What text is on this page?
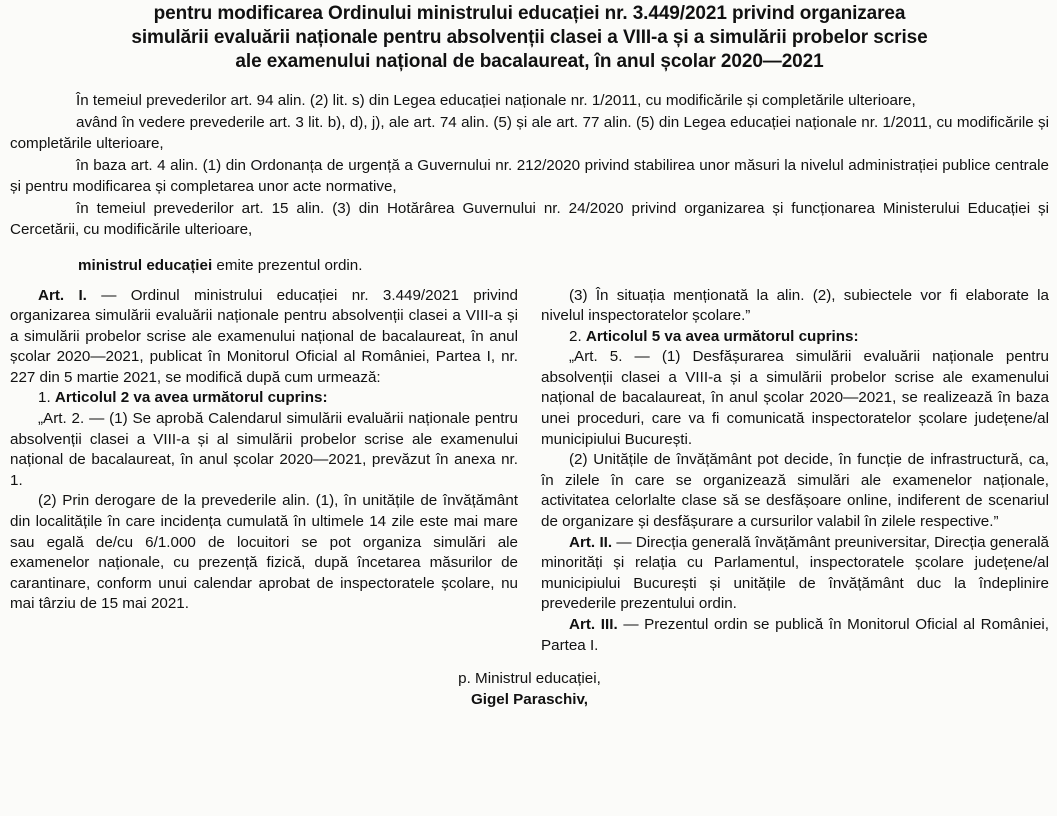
pentru modificarea Ordinului ministrului educației nr. 3.449/2021 privind organizarea
simulării evaluării naționale pentru absolvenții clasei a VIII-a și a simulării probelor scrise
ale examenului național de bacalaureat, în anul școlar 2020—2021

În temeiul prevederilor art. 94 alin. (2) lit. s) din Legea educației naționale nr. 1/2011, cu modificările și completările ulterioare,

având în vedere prevederile art. 3 lit. b), d), j), ale art. 74 alin. (5) și ale art. 77 alin. (5) din Legea educației naționale nr. 1/2011, cu modificările și completările ulterioare,

în baza art. 4 alin. (1) din Ordonanța de urgență a Guvernului nr. 212/2020 privind stabilirea unor măsuri la nivelul administrației publice centrale și pentru modificarea și completarea unor acte normative,

în temeiul prevederilor art. 15 alin. (3) din Hotărârea Guvernului nr. 24/2020 privind organizarea și funcționarea Ministerului Educației și Cercetării, cu modificările ulterioare,

ministrul educației emite prezentul ordin.

Art. I. — Ordinul ministrului educației nr. 3.449/2021 privind organizarea simulării evaluării naționale pentru absolvenții clasei a VIII-a și a simulării probelor scrise ale examenului național de bacalaureat, în anul școlar 2020—2021, publicat în Monitorul Oficial al României, Partea I, nr. 227 din 5 martie 2021, se modifică după cum urmează:

1. Articolul 2 va avea următorul cuprins:

„Art. 2. — (1) Se aprobă Calendarul simulării evaluării naționale pentru absolvenții clasei a VIII-a și al simulării probelor scrise ale examenului național de bacalaureat, în anul școlar 2020—2021, prevăzut în anexa nr. 1.

(2) Prin derogare de la prevederile alin. (1), în unitățile de învățământ din localitățile în care incidența cumulată în ultimele 14 zile este mai mare sau egală de/cu 6/1.000 de locuitori se pot organiza simulări ale examenelor naționale, cu prezență fizică, după încetarea măsurilor de carantinare, conform unui calendar aprobat de inspectoratele școlare, nu mai târziu de 15 mai 2021.

(3) În situația menționată la alin. (2), subiectele vor fi elaborate la nivelul inspectoratelor școlare.”

2. Articolul 5 va avea următorul cuprins:

„Art. 5. — (1) Desfășurarea simulării evaluării naționale pentru absolvenții clasei a VIII-a și a simulării probelor scrise ale examenului național de bacalaureat, în anul școlar 2020—2021, se realizează în baza unei proceduri, care va fi comunicată inspectoratelor școlare județene/al municipiului București.

(2) Unitățile de învățământ pot decide, în funcție de infrastructură, ca, în zilele în care se organizează simulări ale examenelor naționale, activitatea celorlalte clase să se desfășoare online, indiferent de scenariul de organizare și desfășurare a cursurilor valabil în zilele respective.”

Art. II. — Direcția generală învățământ preuniversitar, Direcția generală minorități și relația cu Parlamentul, inspectoratele școlare județene/al municipiului București și unitățile de învățământ duc la îndeplinire prevederile prezentului ordin.

Art. III. — Prezentul ordin se publică în Monitorul Oficial al României, Partea I.

p. Ministrul educației,
Gigel Paraschiv,
